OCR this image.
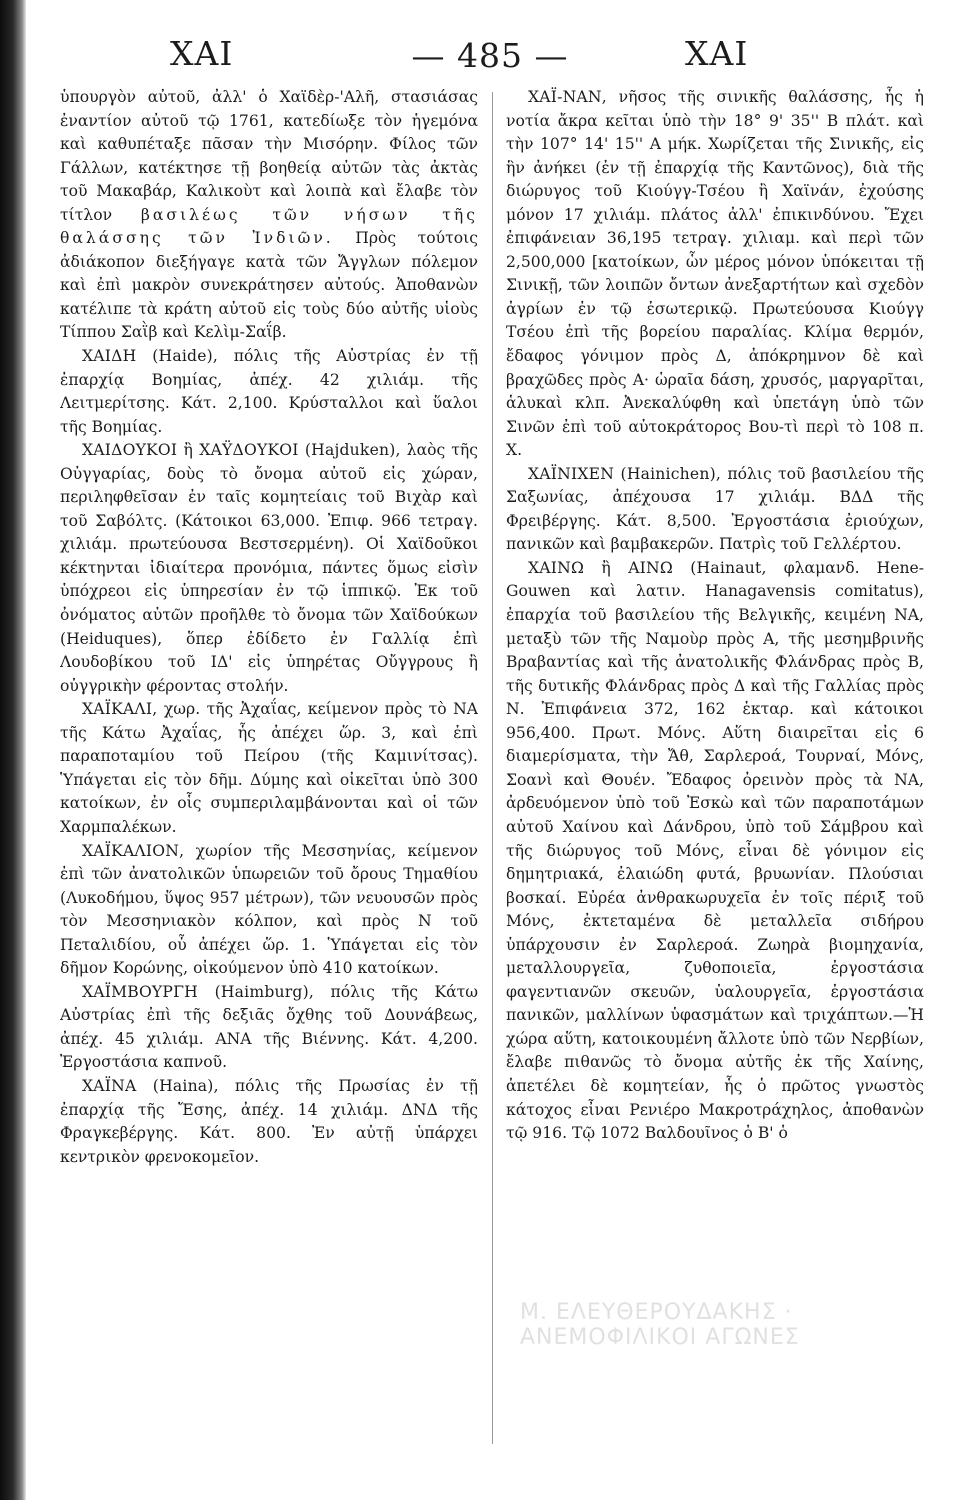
ΧΑΙ	— 485 —	ΧΑΙ

ὑπουργὸν αὐτοῦ, ἀλλ' ὁ Χαϊδὲρ-'Αλῆ, στασιάσας ἐναντίον αὐτοῦ τῷ 1761, κατεδίωξε τὸν ἡγεμόνα καὶ καθυπέταξε πᾶσαν τὴν Μισόρην. Φίλος τῶν Γάλλων, κατέκτησε τῇ βοηθείᾳ αὐτῶν τὰς ἀκτὰς τοῦ Μακαβάρ, Καλικοὺτ καὶ λοιπὰ καὶ ἔλαβε τὸν τίτλον βασιλέως τῶν νήσων τῆς θαλάσσης τῶν Ἰνδιῶν. Πρὸς τούτοις ἀδιάκοπον διεξήγαγε κατὰ τῶν Ἄγγλων πόλεμον καὶ ἐπὶ μακρὸν συνεκράτησεν αὐτούς. Ἀποθανὼν κατέλιπε τὰ κράτη αὐτοῦ εἰς τοὺς δύο αὐτῆς υἱοὺς Τίππου Σαῒβ καὶ Κελὶμ-Σαΐβ.

ΧΑΙΔΗ (Haide), πόλις τῆς Αὐστρίας ἐν τῇ ἐπαρχίᾳ Βοημίας, ἀπέχ. 42 χιλιάμ. τῆς Λειτμερίτσης. Κάτ. 2,100. Κρύσταλλοι καὶ ὕαλοι τῆς Βοημίας.

ΧΑΙΔΟΥΚΟΙ ἢ ΧΑΫΔΟΥΚΟΙ (Hajduken), λαὸς τῆς Οὐγγαρίας, δοὺς τὸ ὄνομα αὐτοῦ εἰς χώραν, περιληφθεῖσαν ἐν ταῖς κομητείαις τοῦ Βιχὰρ καὶ τοῦ Σαβόλτς. (Κάτοικοι 63,000. Ἐπιφ. 966 τετραγ. χιλιάμ. πρωτεύουσα Βεστσερμένη). Οἱ Χαϊδοῦκοι κέκτηνται ἰδιαίτερα προνόμια, πάντες ὅμως εἰσὶν ὑπόχρεοι εἰς ὑπηρεσίαν ἐν τῷ ἱππικῷ. Ἐκ τοῦ ὀνόματος αὐτῶν προῆλθε τὸ ὄνομα τῶν Χαϊδούκων (Heiduques), ὅπερ ἐδίδετο ἐν Γαλλίᾳ ἐπὶ Λουδοβίκου τοῦ ΙΔ' εἰς ὑπηρέτας Οὔγγρους ἢ οὐγγρικὴν φέροντας στολήν.

ΧΑΪΚΑΛΙ, χωρ. τῆς Ἀχαΐας, κείμενον πρὸς τὸ ΝΑ τῆς Κάτω Ἀχαΐας, ἧς ἀπέχει ὥρ. 3, καὶ ἐπὶ παραποταμίου τοῦ Πείρου (τῆς Καμινίτσας). Ὑπάγεται εἰς τὸν δῆμ. Δύμης καὶ οἰκεῖται ὑπὸ 300 κατοίκων, ἐν οἷς συμπεριλαμβάνονται καὶ οἱ τῶν Χαρμπαλέκων.

ΧΑΪΚΑΛΙΟΝ, χωρίον τῆς Μεσσηνίας, κείμενον ἐπὶ τῶν ἀνατολικῶν ὑπωρειῶν τοῦ ὄρους Τημαθίου (Λυκοδήμου, ὕψος 957 μέτρων), τῶν νευουσῶν πρὸς τὸν Μεσσηνιακὸν κόλπον, καὶ πρὸς Ν τοῦ Πεταλιδίου, οὗ ἀπέχει ὥρ. 1. Ὑπάγεται εἰς τὸν δῆμον Κορώνης, οἰκούμενον ὑπὸ 410 κατοίκων.

ΧΑΪΜΒΟΥΡΓΗ (Haimburg), πόλις τῆς Κάτω Αὐστρίας ἐπὶ τῆς δεξιᾶς ὄχθης τοῦ Δουνάβεως, ἀπέχ. 45 χιλιάμ. ΑΝΑ τῆς Βιέννης. Κάτ. 4,200. Ἐργοστάσια καπνοῦ.

ΧΑΪΝΑ (Haina), πόλις τῆς Πρωσίας ἐν τῇ ἐπαρχίᾳ τῆς Ἔσης, ἀπέχ. 14 χιλιάμ. ΔΝΔ τῆς Φραγκεβέργης. Κάτ. 800. Ἐν αὐτῇ ὑπάρχει κεντρικὸν φρενοκομεῖον.

ΧΑΪ-ΝΑΝ, νῆσος τῆς σινικῆς θαλάσσης, ἧς ἡ νοτία ἄκρα κεῖται ὑπὸ τὴν 18° 9' 35'' Β πλάτ. καὶ τὴν 107° 14' 15'' Α μήκ. Χωρίζεται τῆς Σινικῆς, εἰς ἣν ἀνήκει (ἐν τῇ ἐπαρχίᾳ τῆς Καντῶνος), διὰ τῆς διώρυγος τοῦ Κιούγγ-Τσέου ἢ Χαϊνάν, ἐχούσης μόνον 17 χιλιάμ. πλάτος ἀλλ' ἐπικινδύνου. Ἔχει ἐπιφάνειαν 36,195 τετραγ. χιλιαμ. καὶ περὶ τῶν 2,500,000 [κατοίκων, ὧν μέρος μόνον ὑπόκειται τῇ Σινικῇ, τῶν λοιπῶν ὄντων ἀνεξαρτήτων καὶ σχεδὸν ἀγρίων ἐν τῷ ἐσωτερικῷ. Πρωτεύουσα Κιούγγ Τσέου ἐπὶ τῆς βορείου παραλίας. Κλίμα θερμόν, ἔδαφος γόνιμον πρὸς Δ, ἀπόκρημνον δὲ καὶ βραχῶδες πρὸς Α· ὡραῖα δάση, χρυσός, μαργαρῖται, ἁλυκαὶ κλπ. Ἀνεκαλύφθη καὶ ὑπετάγη ὑπὸ τῶν Σινῶν ἐπὶ τοῦ αὐτοκράτορος Βου-τὶ περὶ τὸ 108 π. Χ.

ΧΑΪΝΙΧΕΝ (Hainichen), πόλις τοῦ βασιλείου τῆς Σαξωνίας, ἀπέχουσα 17 χιλιάμ. ΒΔΔ τῆς Φρειβέργης. Κάτ. 8,500. Ἐργοστάσια ἐριούχων, πανικῶν καὶ βαμβακερῶν. Πατρὶς τοῦ Γελλέρτου.

ΧΑΙΝΩ ἢ ΑΙΝΩ (Hainaut, φλαμανδ. Hene-Gouwen καὶ λατιν. Hanagavensis comitatus), ἐπαρχία τοῦ βασιλείου τῆς Βελγικῆς, κειμένη ΝΑ, μεταξὺ τῶν τῆς Ναμοὺρ πρὸς Α, τῆς μεσημβρινῆς Βραβαντίας καὶ τῆς ἀνατολικῆς Φλάνδρας πρὸς Β, τῆς δυτικῆς Φλάνδρας πρὸς Δ καὶ τῆς Γαλλίας πρὸς Ν. Ἐπιφάνεια 372, 162 ἑκταρ. καὶ κάτοικοι 956,400. Πρωτ. Μόνς. Αὕτη διαιρεῖται εἰς 6 διαμερίσματα, τὴν Ἄθ, Σαρλεροά, Τουρναί, Μόνς, Σοανὶ καὶ Θουέν. Ἔδαφος ὀρεινὸν πρὸς τὰ ΝΑ, ἀρδευόμενον ὑπὸ τοῦ Ἐσκὼ καὶ τῶν παραποτάμων αὐτοῦ Χαίνου καὶ Δάνδρου, ὑπὸ τοῦ Σάμβρου καὶ τῆς διώρυγος τοῦ Μόνς, εἶναι δὲ γόνιμον εἰς δημητριακά, ἐλαιώδη φυτά, βρυωνίαν. Πλούσιαι βοσκαί. Εὐρέα ἀνθρακωρυχεῖα ἐν τοῖς πέριξ τοῦ Μόνς, ἐκτεταμένα δὲ μεταλλεῖα σιδήρου ὑπάρχουσιν ἐν Σαρλεροά. Ζωηρὰ βιομηχανία, μεταλλουργεῖα, ζυθοποιεῖα, ἐργοστάσια φαγεντιανῶν σκευῶν, ὑαλουργεῖα, ἐργοστάσια πανικῶν, μαλλίνων ὑφασμάτων καὶ τριχάπτων.—Ἡ χώρα αὕτη, κατοικουμένη ἄλλοτε ὑπὸ τῶν Νερβίων, ἔλαβε πιθανῶς τὸ ὄνομα αὐτῆς ἐκ τῆς Χαίνης, ἀπετέλει δὲ κομητείαν, ἧς ὁ πρῶτος γνωστὸς κάτοχος εἶναι Ρενιέρο Μακροτράχηλος, ἀποθανὼν τῷ 916. Τῷ 1072 Βαλδουῖνος ὁ Β' ὁ

Μ. ΕΛΕΥΘΕΡΟΥΔΑΚΗΣ · ΑΝΕΜΟΦΙΛΙΚΟΙ ΑΓΩΝΕΣ
